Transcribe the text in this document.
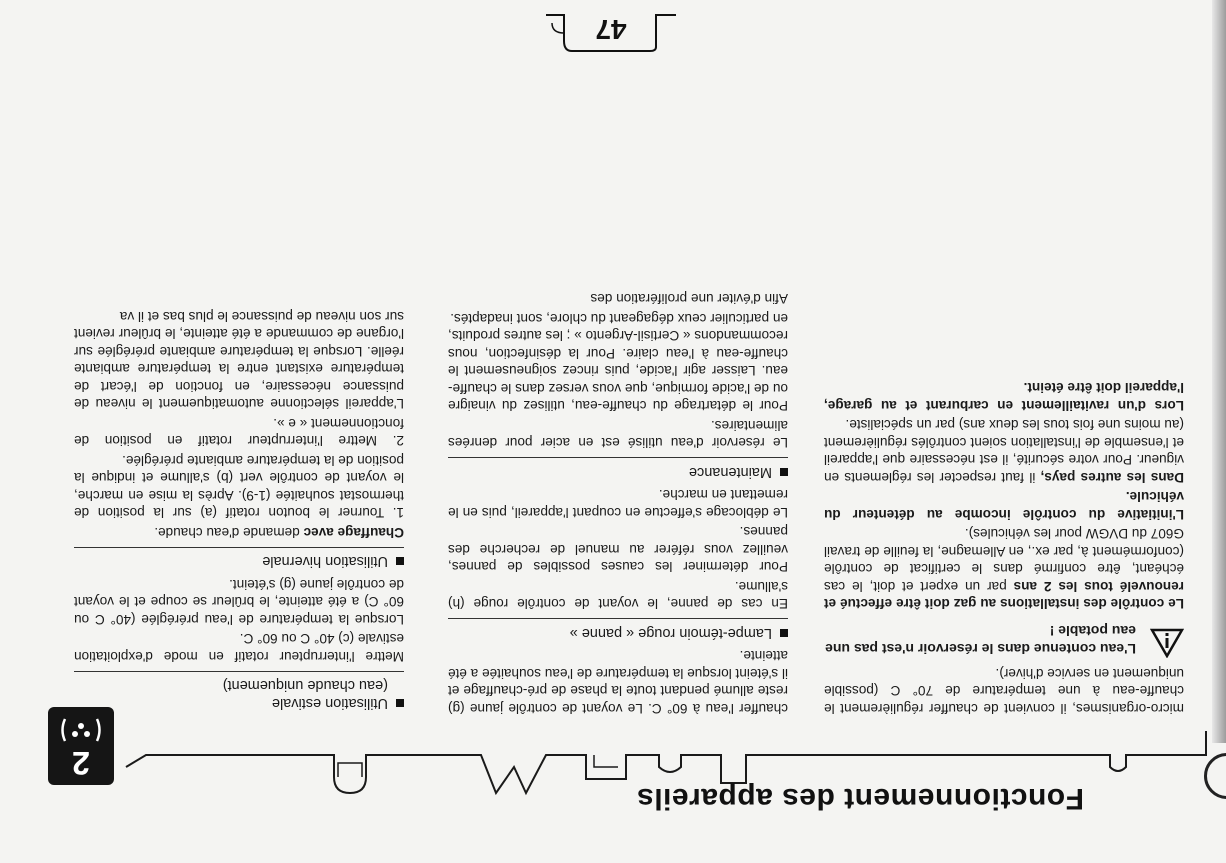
Fonctionnement des appareils
2

micro-organismes, il convient de chauffer régulièrement le chauffe-eau à une température de 70° C (possible uniquement en service d'hiver).

L'eau contenue dans le réservoir n'est pas une eau potable !

Le contrôle des installations au gaz doit être effectué et renouvelé tous les 2 ans par un expert et doit, le cas échéant, être confirmé dans le certificat de contrôle (conformément à, par ex., en Allemagne, la feuille de travail G607 du DVGW pour les véhicules).

L'initiative du contrôle incombe au détenteur du véhicule.

Dans les autres pays, il faut respecter les réglements en vigueur. Pour votre sécurité, il est nécessaire que l'appareil et l'ensemble de l'installation soient contrôlés régulièrement (au moins une fois tous les deux ans) par un spécialiste.

Lors d'un ravitaillement en carburant et au garage, l'appareil doit être éteint.

chauffer l'eau à 60° C. Le voyant de contrôle jaune (g) reste allumé pendant toute la phase de pré-chauffage et il s'éteint lorsque la température de l'eau souhaitée a été atteinte.

Lampe-témoin rouge « panne »

En cas de panne, le voyant de contrôle rouge (h) s'allume.

Pour déterminer les causes possibles de pannes, veuillez vous référer au manuel de recherche des pannes.

Le déblocage s'effectue en coupant l'appareil, puis en le remettant en marche.

Maintenance

Le réservoir d'eau utilisé est en acier pour denrées alimentaires.

Pour le détartrage du chauffe-eau, utilisez du vinaigre ou de l'acide formique, que vous versez dans le chauffe-eau. Laisser agir l'acide, puis rincez soigneusement le chauffe-eau à l'eau claire. Pour la désinfection, nous recommandons « Certisil-Argento » ; les autres produits, en particulier ceux dégageant du chlore, sont inadaptés.

Afin d'éviter une prolifération des

Utilisation estivale
(eau chaude uniquement)

Mettre l'interrupteur rotatif en mode d'exploitation estivale (c) 40° C ou 60° C.

Lorsque la température de l'eau préréglée (40° C ou 60° C) a été atteinte, le brûleur se coupe et le voyant de contrôle jaune (g) s'éteint.

Utilisation hivernale

Chauffage avec demande d'eau chaude.

1. Tourner le bouton rotatif (a) sur la position de thermostat souhaitée (1-9). Après la mise en marche, le voyant de contrôle vert (b) s'allume et indique la position de la température ambiante préréglée.

2. Mettre l'interrupteur rotatif en position de fonctionnement « e ».

L'appareil sélectionne automatiquement le niveau de puissance nécessaire, en fonction de l'écart de température existant entre la température ambiante réelle. Lorsque la température ambiante préréglée sur l'organe de commande a été atteinte, le brûleur revient sur son niveau de puissance le plus bas et il va

47
